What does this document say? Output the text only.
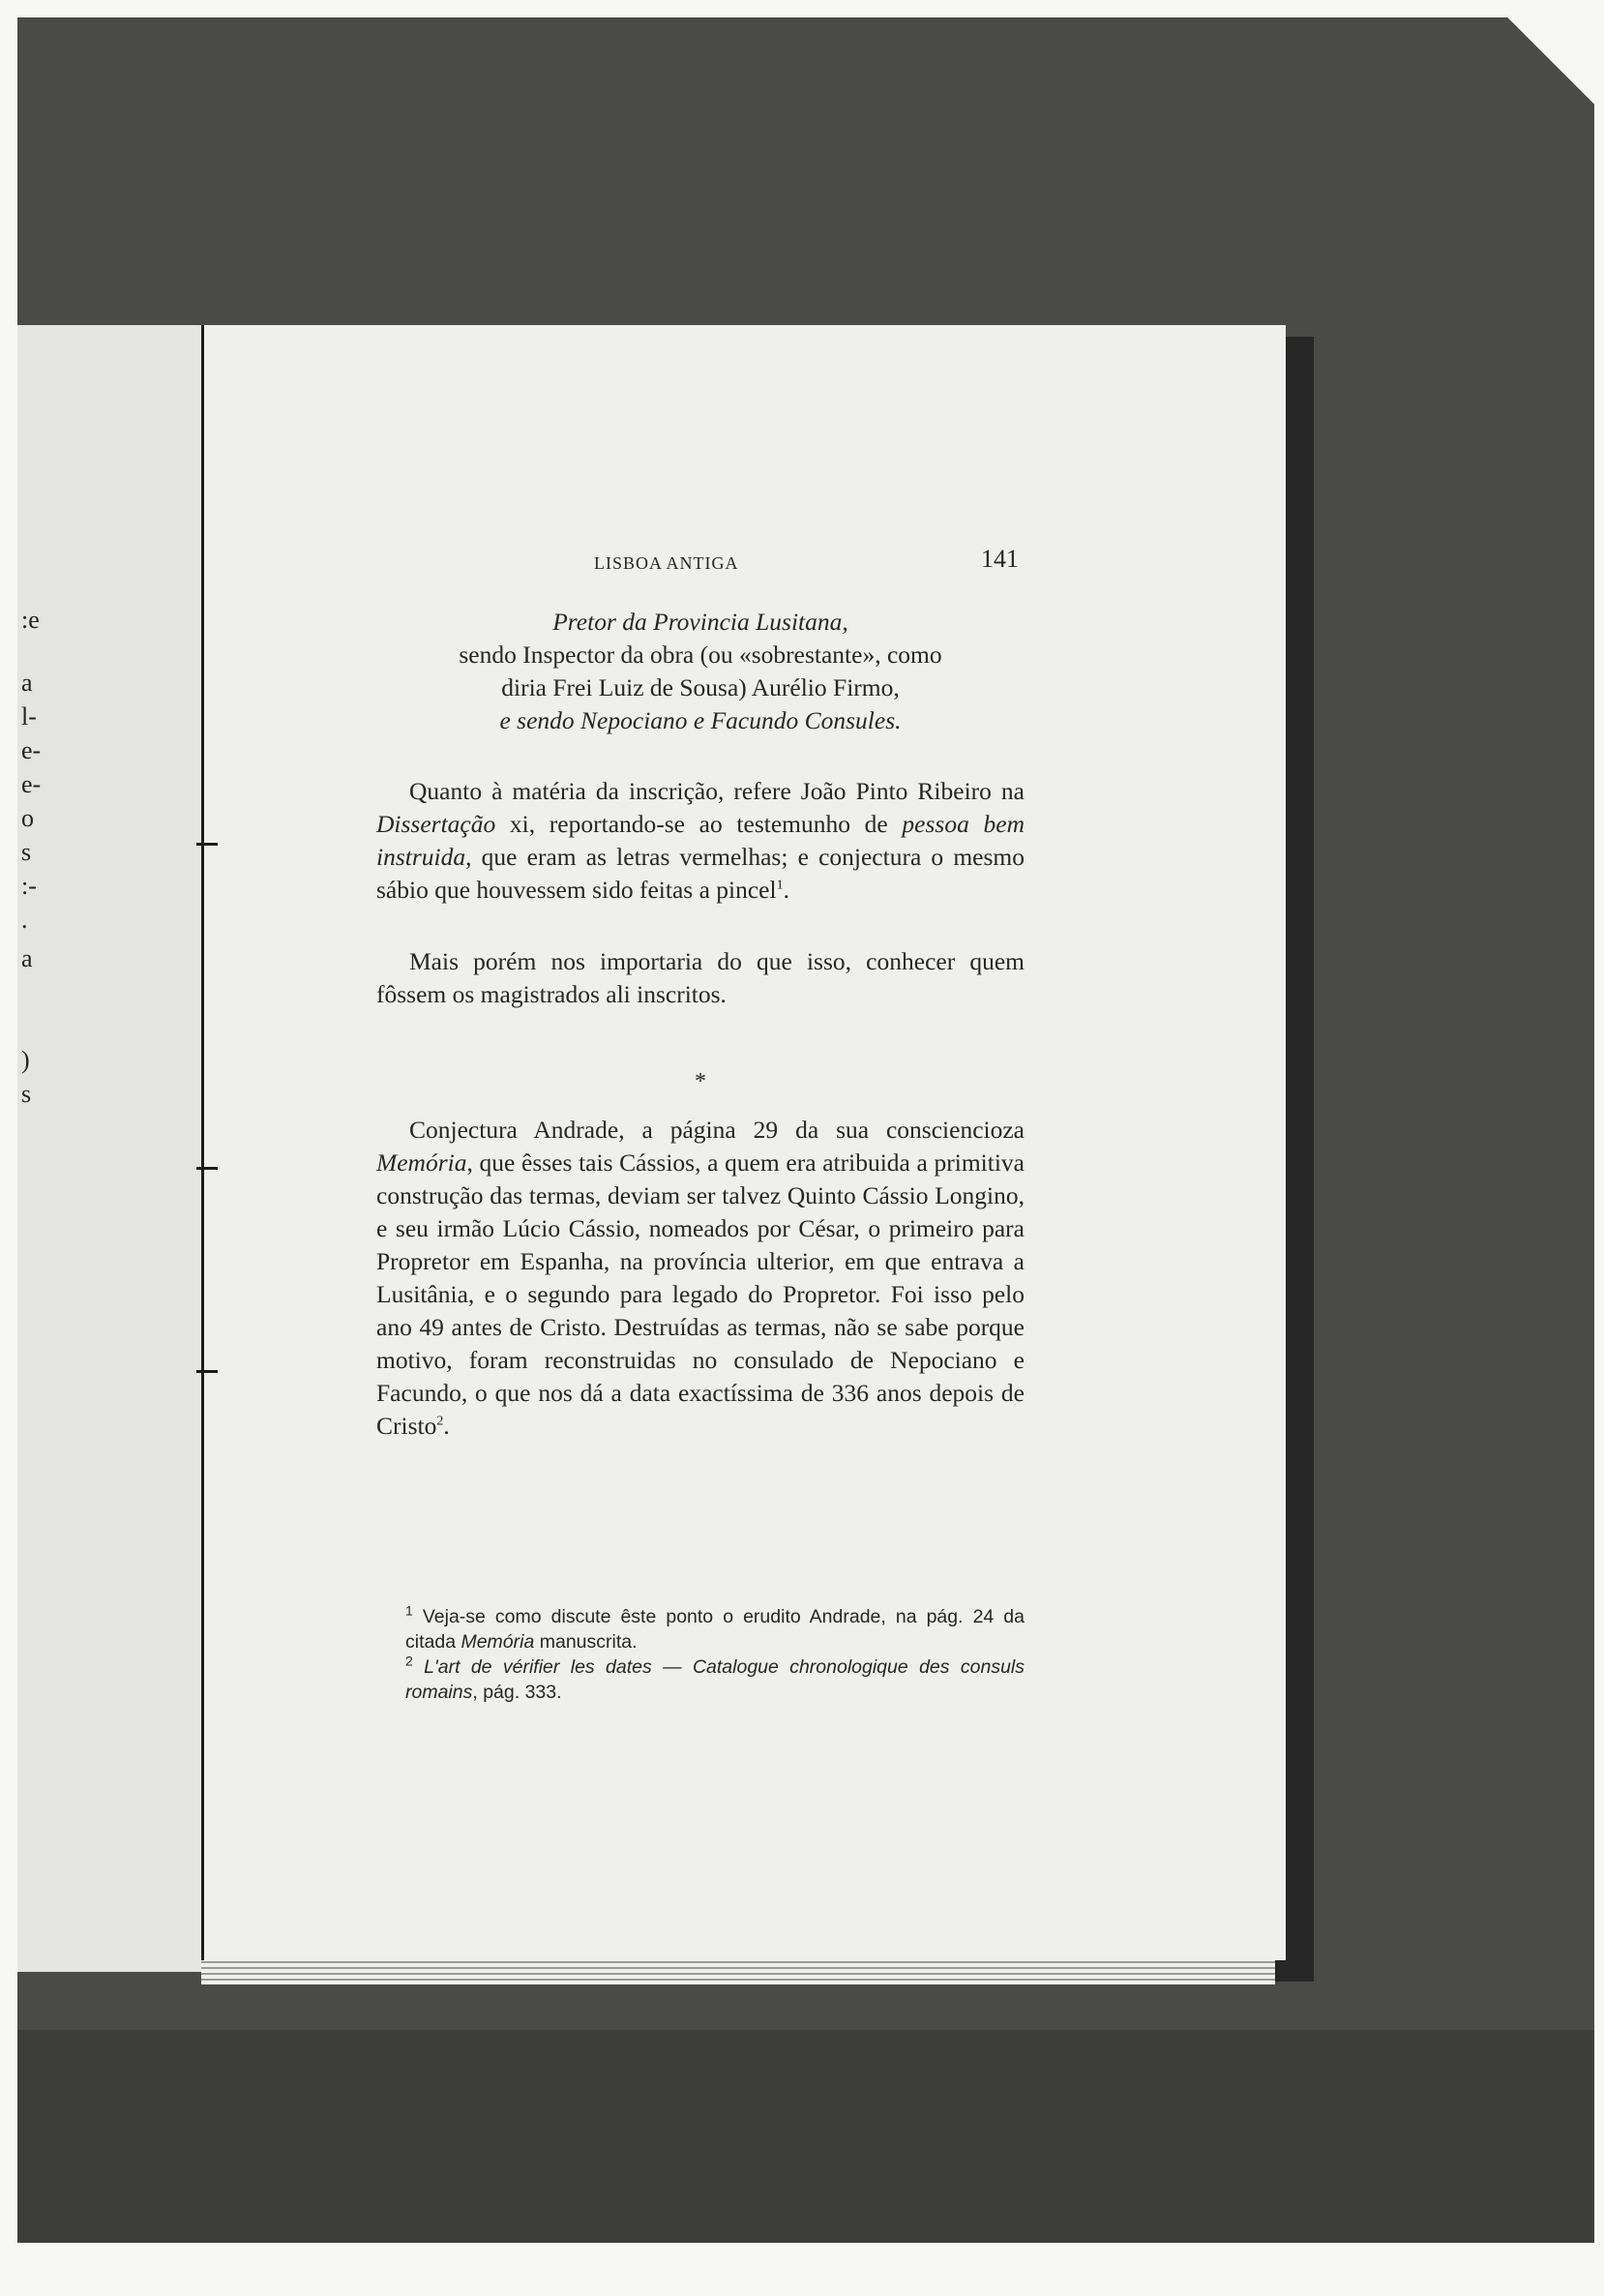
:e
a
l-
e-
e-
o
s
:-
.
a
)
s
LISBOA ANTIGA	141
Pretor da Provincia Lusitana,
sendo Inspector da obra (ou «sobrestante», como
diria Frei Luiz de Sousa) Aurélio Firmo,
e sendo Nepociano e Facundo Consules.
Quanto à matéria da inscrição, refere João Pinto Ribeiro na Dissertação xi, reportando-se ao testemunho de pessoa bem instruida, que eram as letras vermelhas; e conjectura o mesmo sábio que houvessem sido feitas a pincel$^1$.
Mais porém nos importaria do que isso, conhecer quem fôssem os magistrados ali inscritos.
*
Conjectura Andrade, a página 29 da sua consciencioza Memória, que êsses tais Cássios, a quem era atribuida a primitiva construção das termas, deviam ser talvez Quinto Cássio Longino, e seu irmão Lúcio Cássio, nomeados por César, o primeiro para Propretor em Espanha, na província ulterior, em que entrava a Lusitânia, e o segundo para legado do Propretor. Foi isso pelo ano 49 antes de Cristo. Destruídas as termas, não se sabe porque motivo, foram reconstruidas no consulado de Nepociano e Facundo, o que nos dá a data exactíssima de 336 anos depois de Cristo$^2$.
$^1$ Veja-se como discute êste ponto o erudito Andrade, na pág. 24 da citada Memória manuscrita.
$^2$ L'art de vérifier les dates — Catalogue chronologique des consuls romains, pág. 333.
